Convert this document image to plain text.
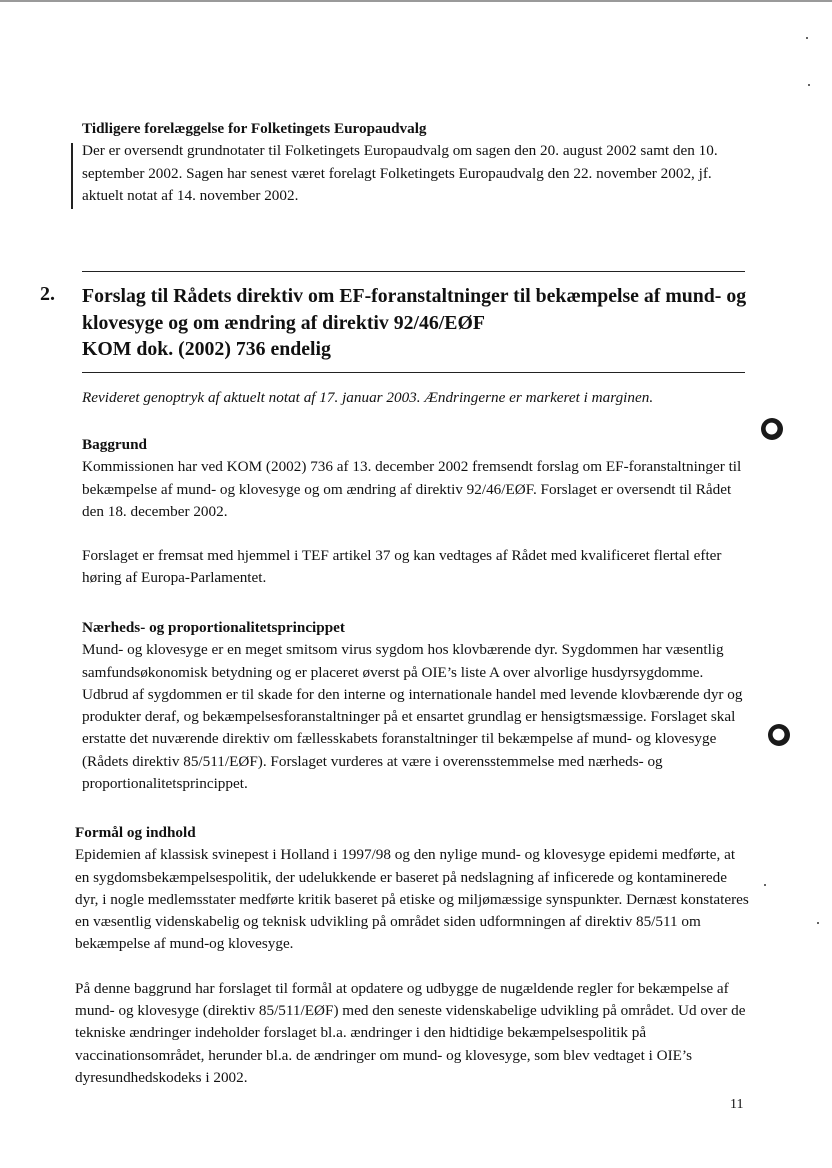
Tidligere forelæggelse for Folketingets Europaudvalg

Der er oversendt grundnotater til Folketingets Europaudvalg om sagen den 20. august 2002 samt den 10. september 2002. Sagen har senest været forelagt Folketingets Europaudvalg den 22. november 2002, jf. aktuelt notat af 14. november 2002.

2. Forslag til Rådets direktiv om EF-foranstaltninger til bekæmpelse af mund- og
klovesyge og om ændring af direktiv 92/46/EØF
KOM dok. (2002) 736 endelig
Revideret genoptryk af aktuelt notat af 17. januar 2003. Ændringerne er markeret i marginen.
Baggrund

Kommissionen har ved KOM (2002) 736 af 13. december 2002 fremsendt forslag om EF-foranstaltninger til bekæmpelse af mund- og klovesyge og om ændring af direktiv 92/46/EØF. Forslaget er oversendt til Rådet den 18. december 2002.

Forslaget er fremsat med hjemmel i TEF artikel 37 og kan vedtages af Rådet med kvalificeret flertal efter høring af Europa-Parlamentet.

Nærheds- og proportionalitetsprincippet

Mund- og klovesyge er en meget smitsom virus sygdom hos klovbærende dyr. Sygdommen har væsentlig samfundsøkonomisk betydning og er placeret øverst på OIE’s liste A over alvorlige husdyrsygdomme. Udbrud af sygdommen er til skade for den interne og internationale handel med levende klovbærende dyr og produkter deraf, og bekæmpelsesforanstaltninger på et ensartet grundlag er hensigtsmæssige. Forslaget skal erstatte det nuværende direktiv om fællesskabets foranstaltninger til bekæmpelse af mund- og klovesyge (Rådets direktiv 85/511/EØF). Forslaget vurderes at være i overensstemmelse med nærheds- og proportionalitetsprincippet.

Formål og indhold

Epidemien af klassisk svinepest i Holland i 1997/98 og den nylige mund- og klovesyge epidemi medførte, at en sygdomsbekæmpelsespolitik, der udelukkende er baseret på nedslagning af inficerede og kontaminerede dyr, i nogle medlemsstater medførte kritik baseret på etiske og miljømæssige synspunkter. Dernæst konstateres en væsentlig videnskabelig og teknisk udvikling på området siden udformningen af direktiv 85/511 om bekæmpelse af mund-og klovesyge.

På denne baggrund har forslaget til formål at opdatere og udbygge de nugældende regler for bekæmpelse af mund- og klovesyge (direktiv 85/511/EØF) med den seneste videnskabelige udvikling på området. Ud over de tekniske ændringer indeholder forslaget bl.a. ændringer i den hidtidige bekæmpelsespolitik på vaccinationsområdet, herunder bl.a. de ændringer om mund- og klovesyge, som blev vedtaget i OIE’s dyresundhedskodeks i 2002.

11
